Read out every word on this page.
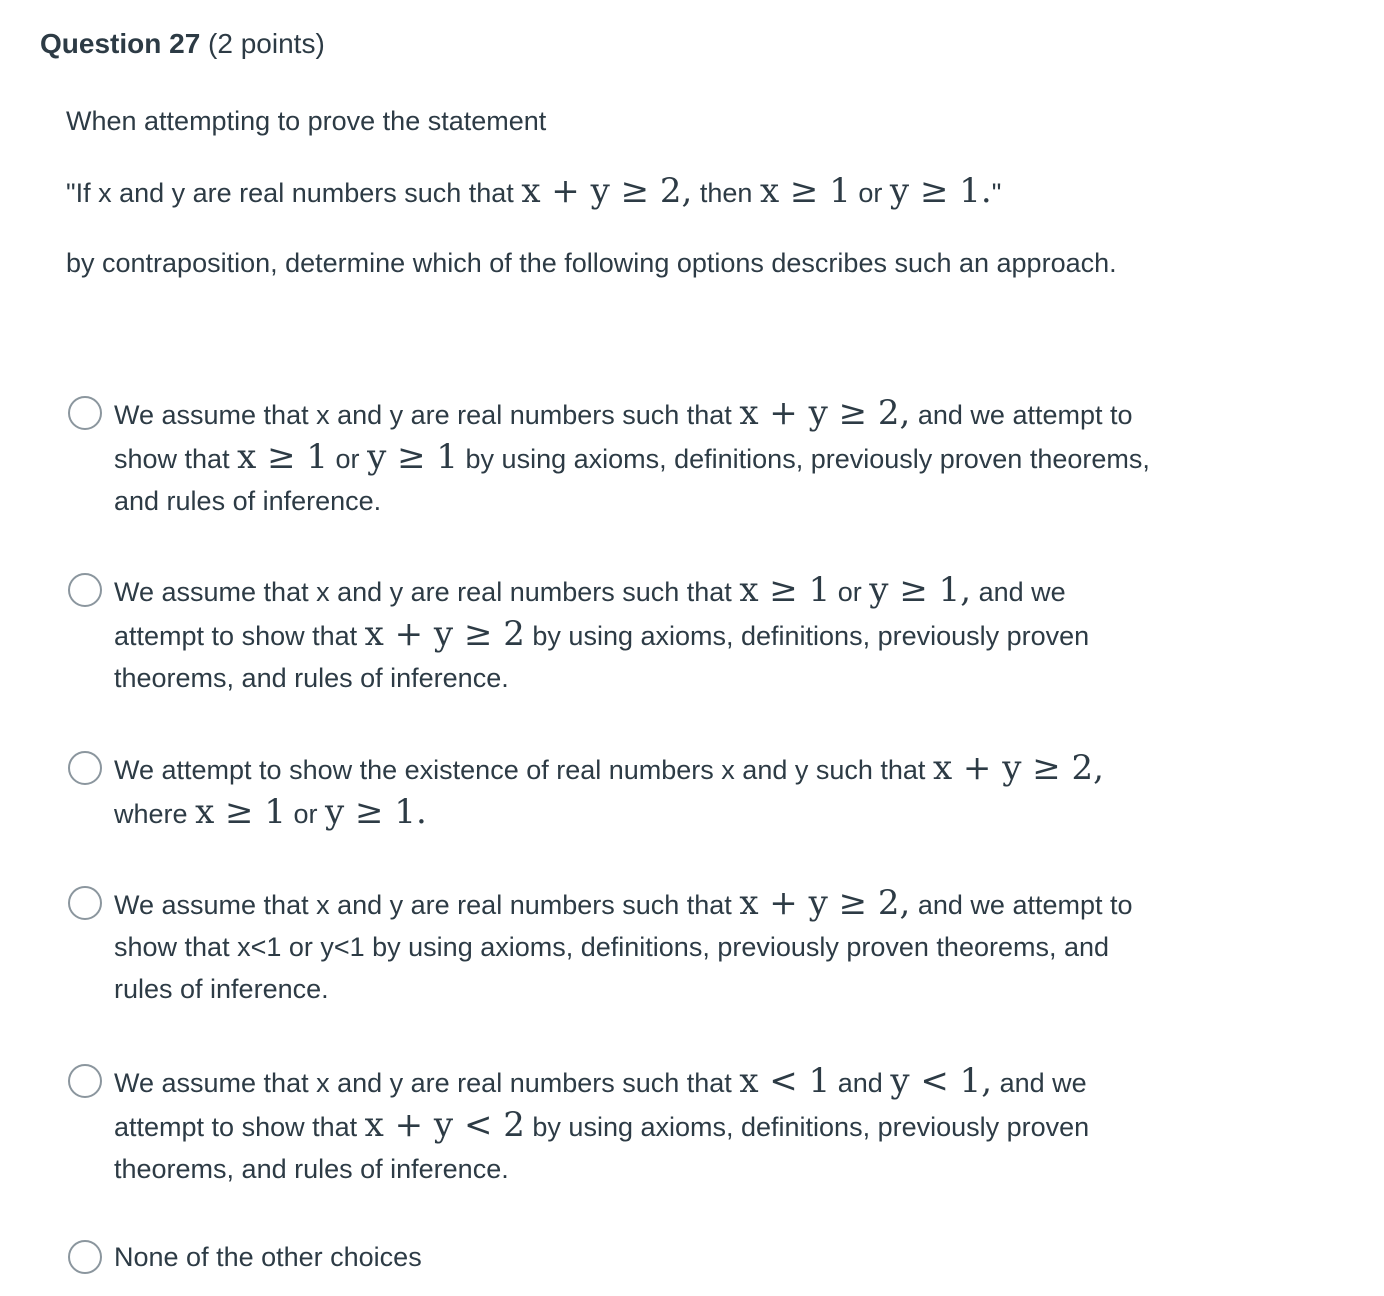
Question 27 (2 points)

When attempting to prove the statement

"If x and y are real numbers such that x + y ≥ 2, then x ≥ 1 or y ≥ 1."

by contraposition, determine which of the following options describes such an approach.

We assume that x and y are real numbers such that x + y ≥ 2, and we attempt to show that x ≥ 1 or y ≥ 1 by using axioms, definitions, previously proven theorems, and rules of inference.
We assume that x and y are real numbers such that x ≥ 1 or y ≥ 1, and we attempt to show that x + y ≥ 2 by using axioms, definitions, previously proven theorems, and rules of inference.
We attempt to show the existence of real numbers x and y such that x + y ≥ 2, where x ≥ 1 or y ≥ 1.
We assume that x and y are real numbers such that x + y ≥ 2, and we attempt to show that x<1 or y<1 by using axioms, definitions, previously proven theorems, and rules of inference.
We assume that x and y are real numbers such that x < 1 and y < 1, and we attempt to show that x + y < 2 by using axioms, definitions, previously proven theorems, and rules of inference.
None of the other choices
